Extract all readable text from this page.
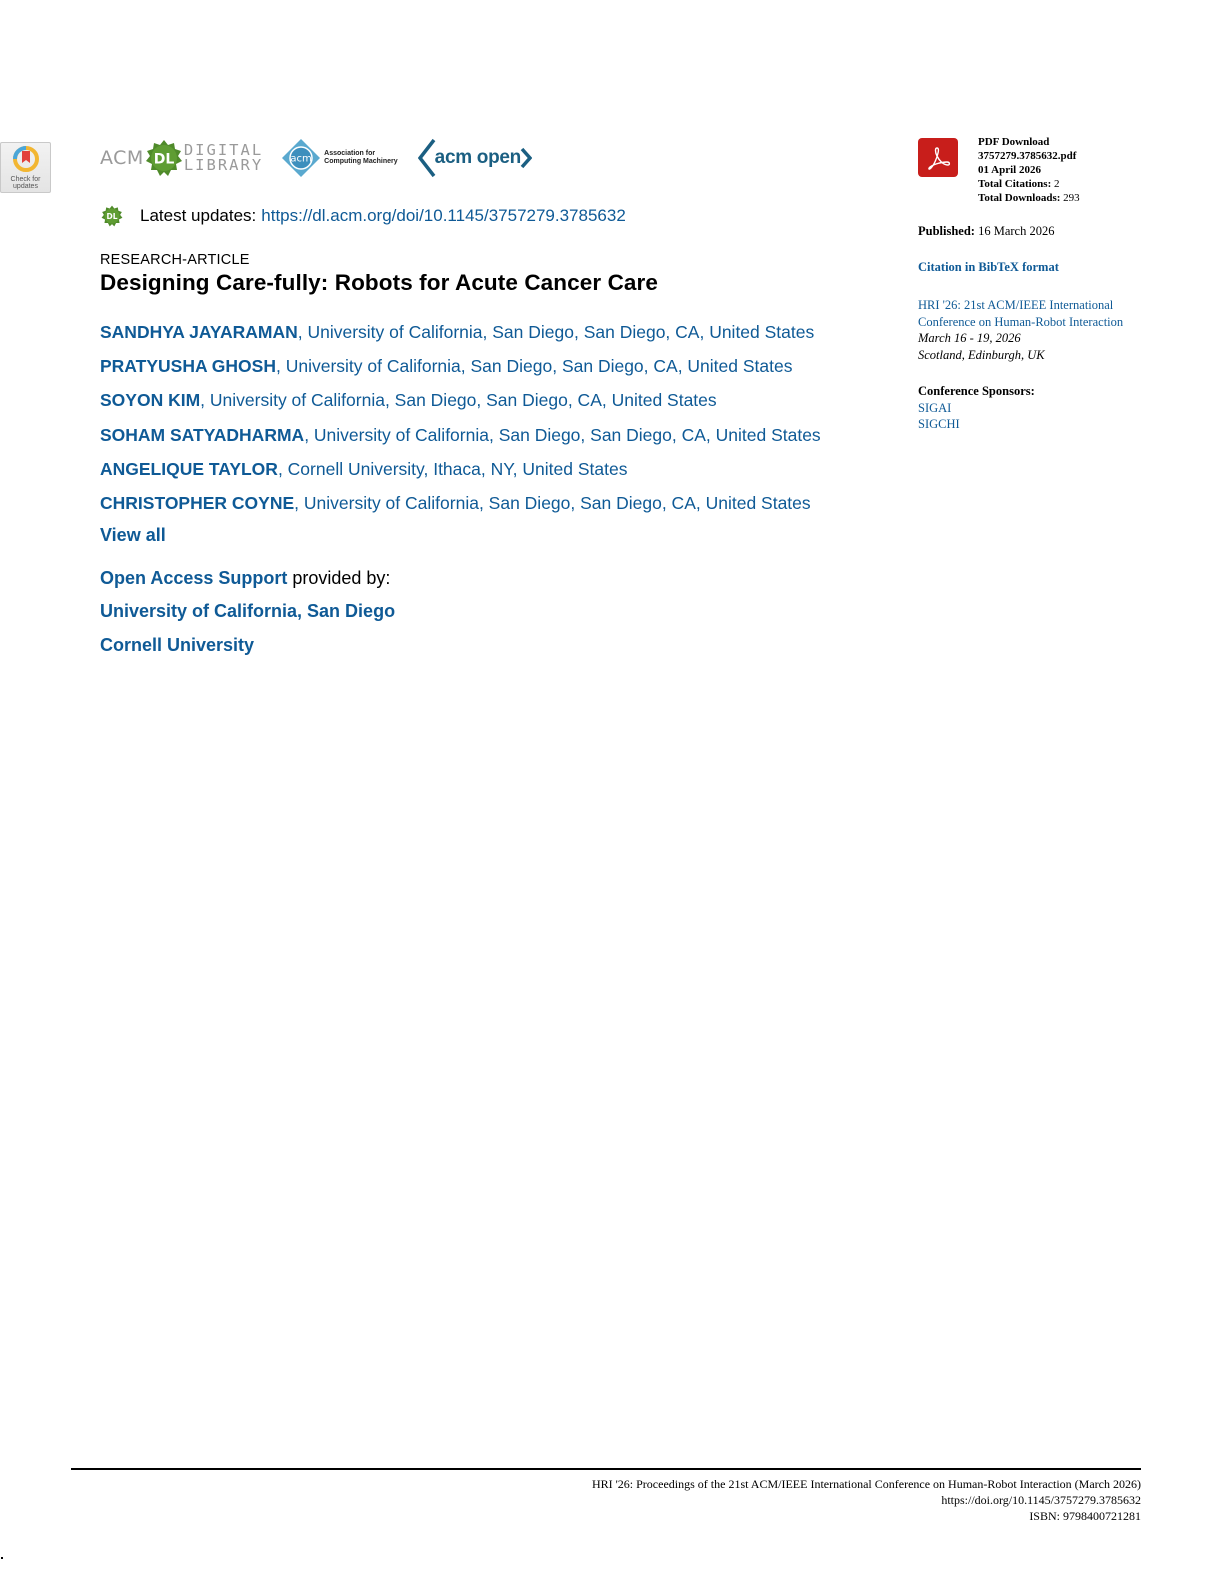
Check for
updates
ACM DL
DIGITAL
LIBRARY	acm Association for
Computing Machinery acm open
DL Latest updates: https://dl.acm.org/doi/10.1145/3757279.3785632
RESEARCH-ARTICLE
Designing Care-fully: Robots for Acute Cancer Care
SANDHYA JAYARAMAN, University of California, San Diego, San Diego, CA, United States
PRATYUSHA GHOSH, University of California, San Diego, San Diego, CA, United States
SOYON KIM, University of California, San Diego, San Diego, CA, United States
SOHAM SATYADHARMA, University of California, San Diego, San Diego, CA, United States
ANGELIQUE TAYLOR, Cornell University, Ithaca, NY, United States
CHRISTOPHER COYNE, University of California, San Diego, San Diego, CA, United States
View all
Open Access Support provided by:
University of California, San Diego
Cornell University
PDF Download
3757279.3785632.pdf
01 April 2026
Total Citations: 2
Total Downloads: 293
Published: 16 March 2026
Citation in BibTeX format
HRI '26: 21st ACM/IEEE International
Conference on Human-Robot Interaction
March 16 - 19, 2026
Scotland, Edinburgh, UK
Conference Sponsors:
SIGAI
SIGCHI
HRI '26: Proceedings of the 21st ACM/IEEE International Conference on Human-Robot Interaction (March 2026)
https://doi.org/10.1145/3757279.3785632
ISBN: 9798400721281
